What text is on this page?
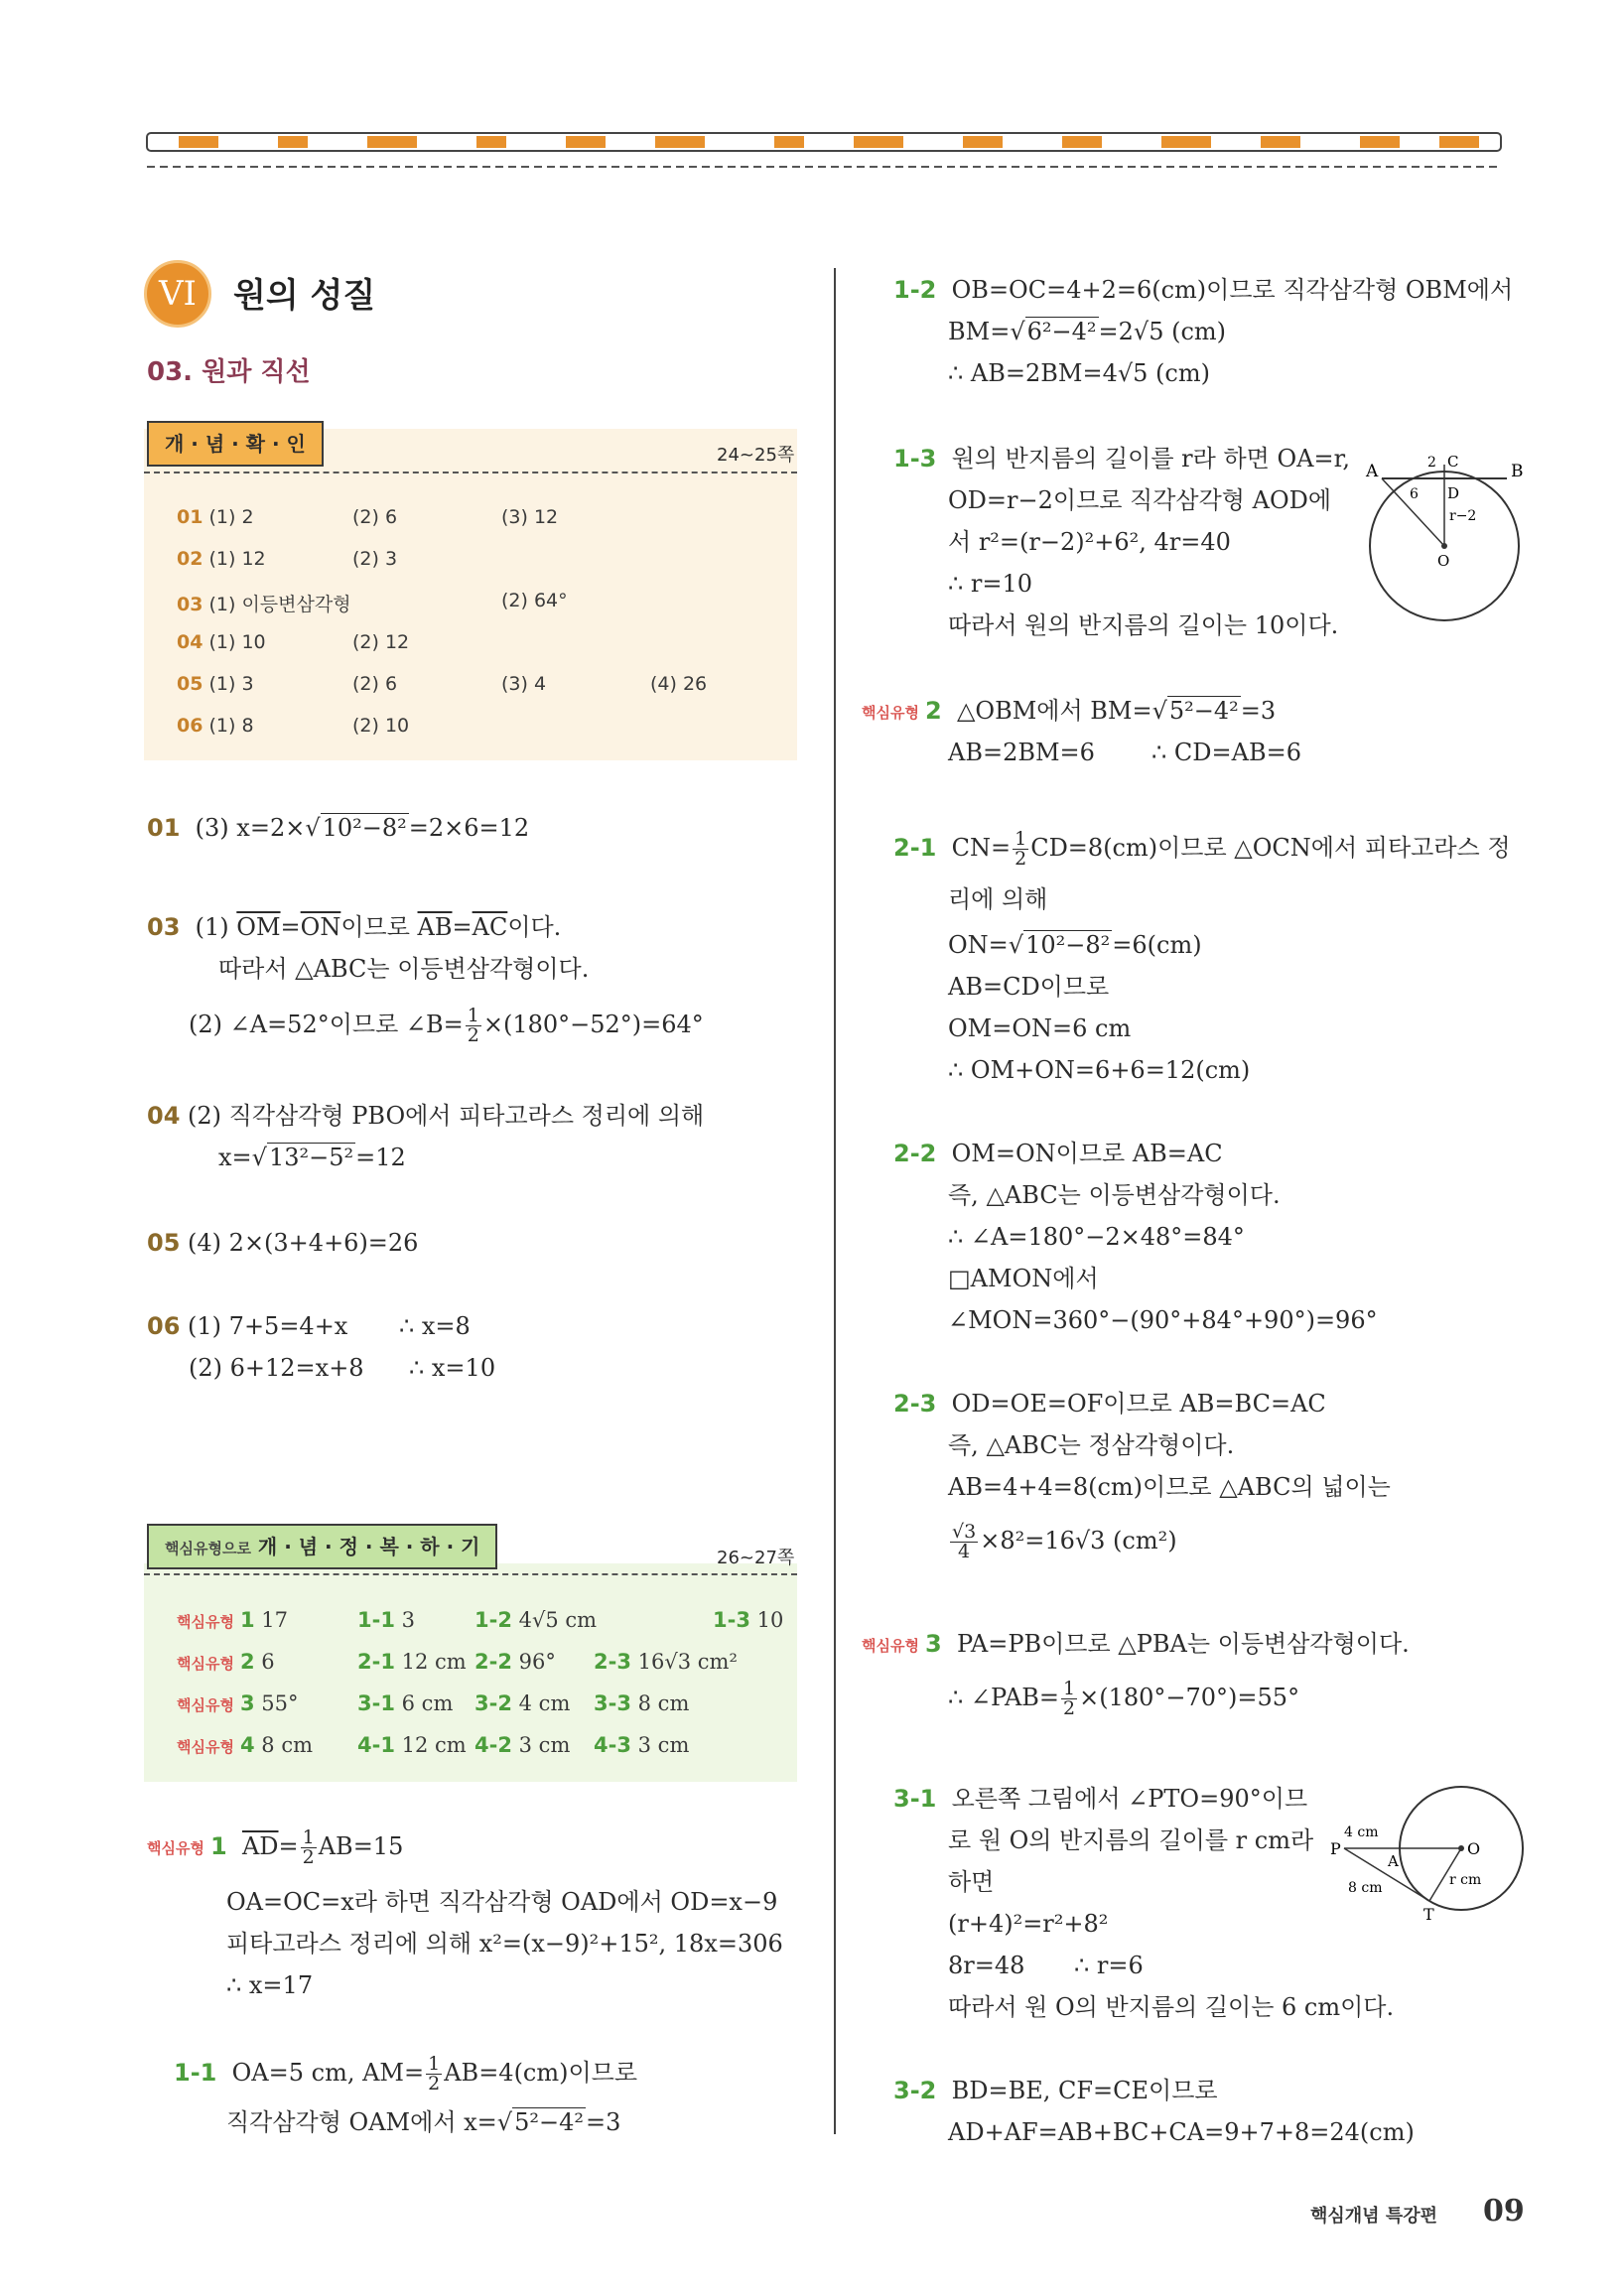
VI	원의 성질
03. 원과 직선
개 · 념 · 확 · 인	24~25쪽
01 (1) 2	(2) 6	(3) 12
02 (1) 12	(2) 3
03 (1) 이등변삼각형	(2) 64°
04 (1) 10	(2) 12
05 (1) 3	(2) 6	(3) 4	(4) 26
06 (1) 8	(2) 10
01 (3) x=2×√10²−8²=2×6=12
03 (1) $\overline{OM}=\overline{ON}$이므로 $\overline{AB}=\overline{AC}$이다.
따라서 △ABC는 이등변삼각형이다.
(2) ∠A=52°이므로 ∠B= $\frac{1}{2} \times(180^\circ-52^\circ)=64^\circ$
04 (2) 직각삼각형 PBO에서 피타고라스 정리에 의해
x=√13²−5²=12
05 (4) 2×(3+4+6)=26
06 (1) 7+5=4+x ∴ x=8
(2) 6+12=x+8 ∴ x=10
핵심유형으로 개 · 념 · 정 · 복 · 하 · 기	26~27쪽
핵심유형 1 17	1-1 3	1-2 4√5 cm	1-3 10
핵심유형 2 6	2-1 12 cm 2-2 96° 2-3 16√3 cm²
핵심유형 3 55°	3-1 6 cm 3-2 4 cm 3-3 8 cm
핵심유형 4 8 cm 4-1 12 cm 4-2 3 cm 4-3 3 cm
핵심유형 1 $\overline{AD}= \frac{1}{2} AB=15$
OA=OC=x라 하면 직각삼각형 OAD에서 OD=x−9
피타고라스 정리에 의해 x²=(x−9)²+15², 18x=306
∴ x=17
1-1 OA=5 cm, $AM= \frac{1}{2} AB=4(cm)$이므로
직각삼각형 OAM에서 x=√5²−4²=3
1-2 OB=OC=4+2=6(cm)이므로 직각삼각형 OBM에서
BM=√6²−4²=2√5 (cm)
∴ AB=2BM=4√5 (cm)
1-3 원의 반지름의 길이를 r라 하면 OA=r,
OD=r−2이므로 직각삼각형 AOD에
서 r²=(r−2)²+6², 4r=40
∴ r=10
따라서 원의 반지름의 길이는 10이다.
A	B
C
2
D
6
r−2
O
핵심유형 2 △OBM에서 BM=√5²−4²=3
AB=2BM=6 ∴ CD=AB=6
2-1 $CN= \frac{1}{2} CD=8(cm)$이므로 △OCN에서 피타고라스 정
리에 의해
ON=√10²−8²=6(cm)
AB=CD이므로
OM=ON=6 cm
∴ OM+ON=6+6=12(cm)
2-2 OM=ON이므로 AB=AC
즉, △ABC는 이등변삼각형이다.
∴ ∠A=180°−2×48°=84°
□AMON에서
∠MON=360°−(90°+84°+90°)=96°
2-3 OD=OE=OF이므로 AB=BC=AC
즉, △ABC는 정삼각형이다.
AB=4+4=8(cm)이므로 △ABC의 넓이는
$\frac{√3}{4} \times 8^2=16√3$ (cm²)
핵심유형 3 PA=PB이므로 △PBA는 이등변삼각형이다.
∴ ∠PAB= $\frac{1}{2} \times(180^\circ-70^\circ)=55^\circ$
3-1 오른쪽 그림에서 ∠PTO=90°이므
로 원 O의 반지름의 길이를 r cm라
하면
(r+4)²=r²+8²
8r=48 ∴ r=6
따라서 원 O의 반지름의 길이는 6 cm이다.
P
A
O
T
4 cm
8 cm	r cm
3-2 BD=BE, CF=CE이므로
AD+AF=AB+BC+CA=9+7+8=24(cm)
핵심개념 특강편 09
